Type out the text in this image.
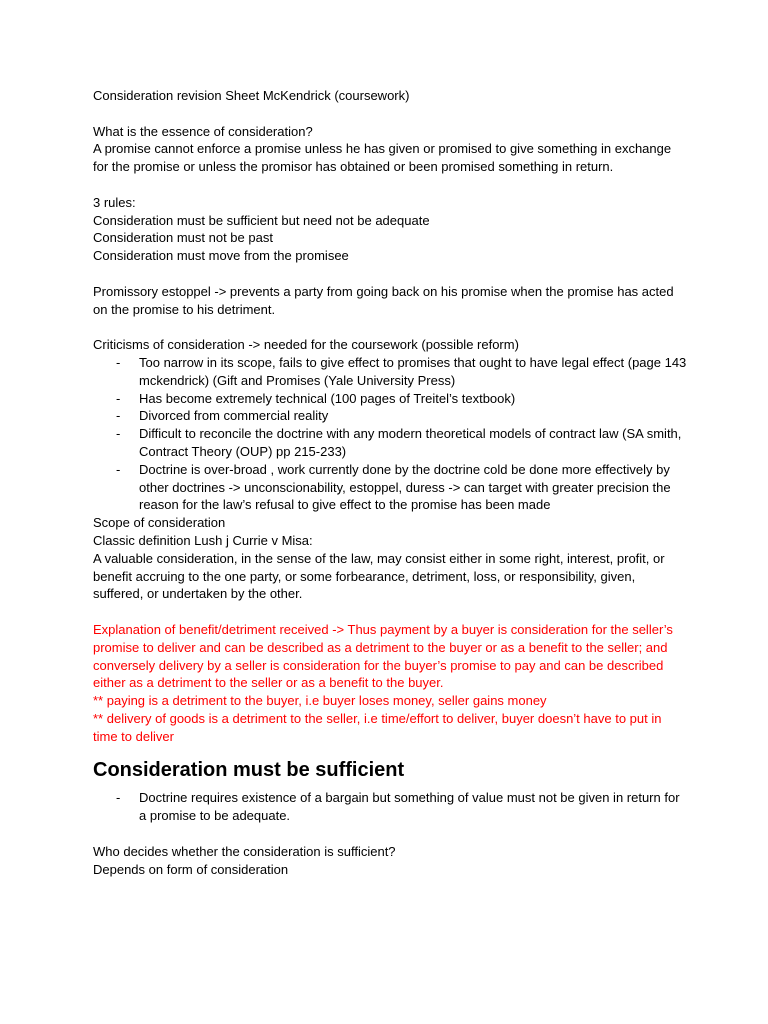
Consideration revision Sheet McKendrick (coursework)

What is the essence of consideration?

A promise cannot enforce a promise unless he has given or promised to give something in exchange for the promise or unless the promisor has obtained or been promised something in return.

3 rules:

Consideration must be sufficient but need not be adequate

Consideration must not be past

Consideration must move from the promisee

Promissory estoppel -> prevents a party from going back on his promise when the promise has acted on the promise to his detriment.

Criticisms of consideration -> needed for the coursework (possible reform)

- Too narrow in its scope, fails to give effect to promises that ought to have legal effect (page 143 mckendrick) (Gift and Promises (Yale University Press)
- Has become extremely technical (100 pages of Treitel’s textbook)
- Divorced from commercial reality
- Difficult to reconcile the doctrine with any modern theoretical models of contract law (SA smith, Contract Theory (OUP) pp 215-233)
- Doctrine is over-broad , work currently done by the doctrine cold be done more effectively by other doctrines -> unconscionability, estoppel, duress -> can target with greater precision the reason for the law’s refusal to give effect to the promise has been made

Scope of consideration

Classic definition Lush j Currie v Misa:

A valuable consideration, in the sense of the law, may consist either in some right, interest, profit, or benefit accruing to the one party, or some forbearance, detriment, loss, or responsibility, given, suffered, or undertaken by the other.

Explanation of benefit/detriment received -> Thus payment by a buyer is consideration for the seller’s promise to deliver and can be described as a detriment to the buyer or as a benefit to the seller; and conversely delivery by a seller is consideration for the buyer’s promise to pay and can be described either as a detriment to the seller or as a benefit to the buyer.

** paying is a detriment to the buyer, i.e buyer loses money, seller gains money

** delivery of goods is a detriment to the seller, i.e time/effort to deliver, buyer doesn’t have to put in time to deliver

Consideration must be sufficient
- Doctrine requires existence of a bargain but something of value must not be given in return for a promise to be adequate.

Who decides whether the consideration is sufficient?

Depends on form of consideration
